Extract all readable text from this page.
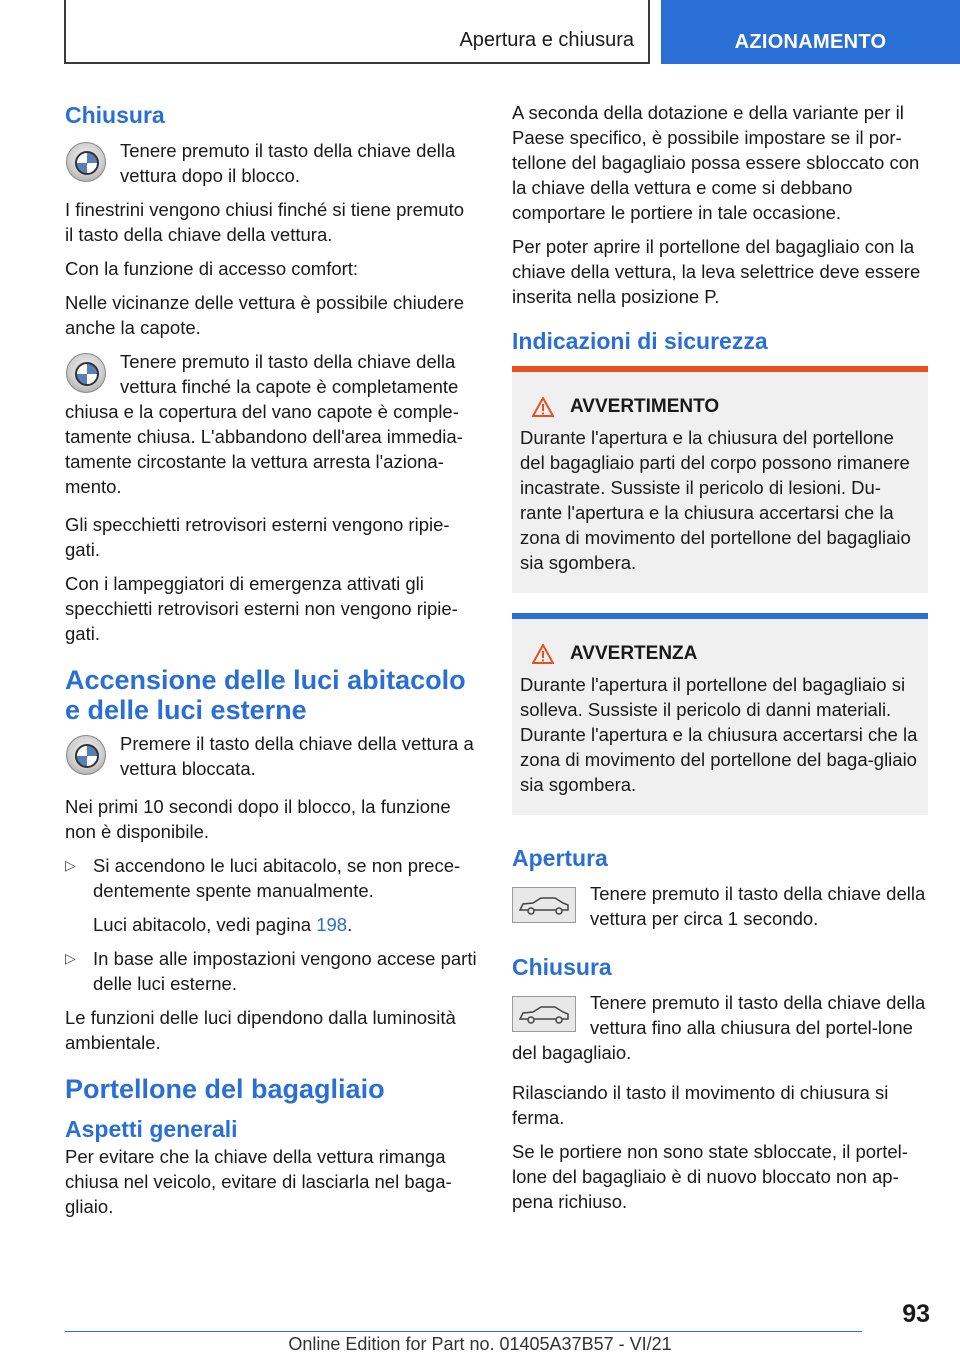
Apertura e chiusura	AZIONAMENTO
Chiusura

Tenere premuto il tasto della chiave della vettura dopo il blocco.

I finestrini vengono chiusi finché si tiene premuto il tasto della chiave della vettura.

Con la funzione di accesso comfort:

Nelle vicinanze delle vettura è possibile chiudere anche la capote.

Tenere premuto il tasto della chiave della vettura finché la capote è completamente chiusa e la copertura del vano capote è comple-tamente chiusa. L'abbandono dell'area immedia-tamente circostante la vettura arresta l'aziona-mento.

Gli specchietti retrovisori esterni vengono ripie-gati.

Con i lampeggiatori di emergenza attivati gli specchietti retrovisori esterni non vengono ripie-gati.

Accensione delle luci abitacolo e delle luci esterne

Premere il tasto della chiave della vettura a vettura bloccata.

Nei primi 10 secondi dopo il blocco, la funzione non è disponibile.

▷ Si accendono le luci abitacolo, se non prece-dentemente spente manualmente.
Luci abitacolo, vedi pagina 198.
▷ In base alle impostazioni vengono accese parti delle luci esterne.

Le funzioni delle luci dipendono dalla luminosità ambientale.

Portellone del bagagliaio
Aspetti generali

Per evitare che la chiave della vettura rimanga chiusa nel veicolo, evitare di lasciarla nel baga-gliaio.

A seconda della dotazione e della variante per il Paese specifico, è possibile impostare se il por-tellone del bagagliaio possa essere sbloccato con la chiave della vettura e come si debbano comportare le portiere in tale occasione.

Per poter aprire il portellone del bagagliaio con la chiave della vettura, la leva selettrice deve essere inserita nella posizione P.

Indicazioni di sicurezza
AVVERTIMENTO
Durante l'apertura e la chiusura del portellone del bagagliaio parti del corpo possono rimanere incastrate. Sussiste il pericolo di lesioni. Du-rante l'apertura e la chiusura accertarsi che la zona di movimento del portellone del bagagliaio sia sgombera.
AVVERTENZA
Durante l'apertura il portellone del bagagliaio si solleva. Sussiste il pericolo di danni materiali. Durante l'apertura e la chiusura accertarsi che la zona di movimento del portellone del baga-gliaio sia sgombera.
Apertura

Tenere premuto il tasto della chiave della vettura per circa 1 secondo.

Chiusura

Tenere premuto il tasto della chiave della vettura fino alla chiusura del portel-lone del bagagliaio.

Rilasciando il tasto il movimento di chiusura si ferma.

Se le portiere non sono state sbloccate, il portel-lone del bagagliaio è di nuovo bloccato non ap-pena richiuso.

93
Online Edition for Part no. 01405A37B57 - VI/21
